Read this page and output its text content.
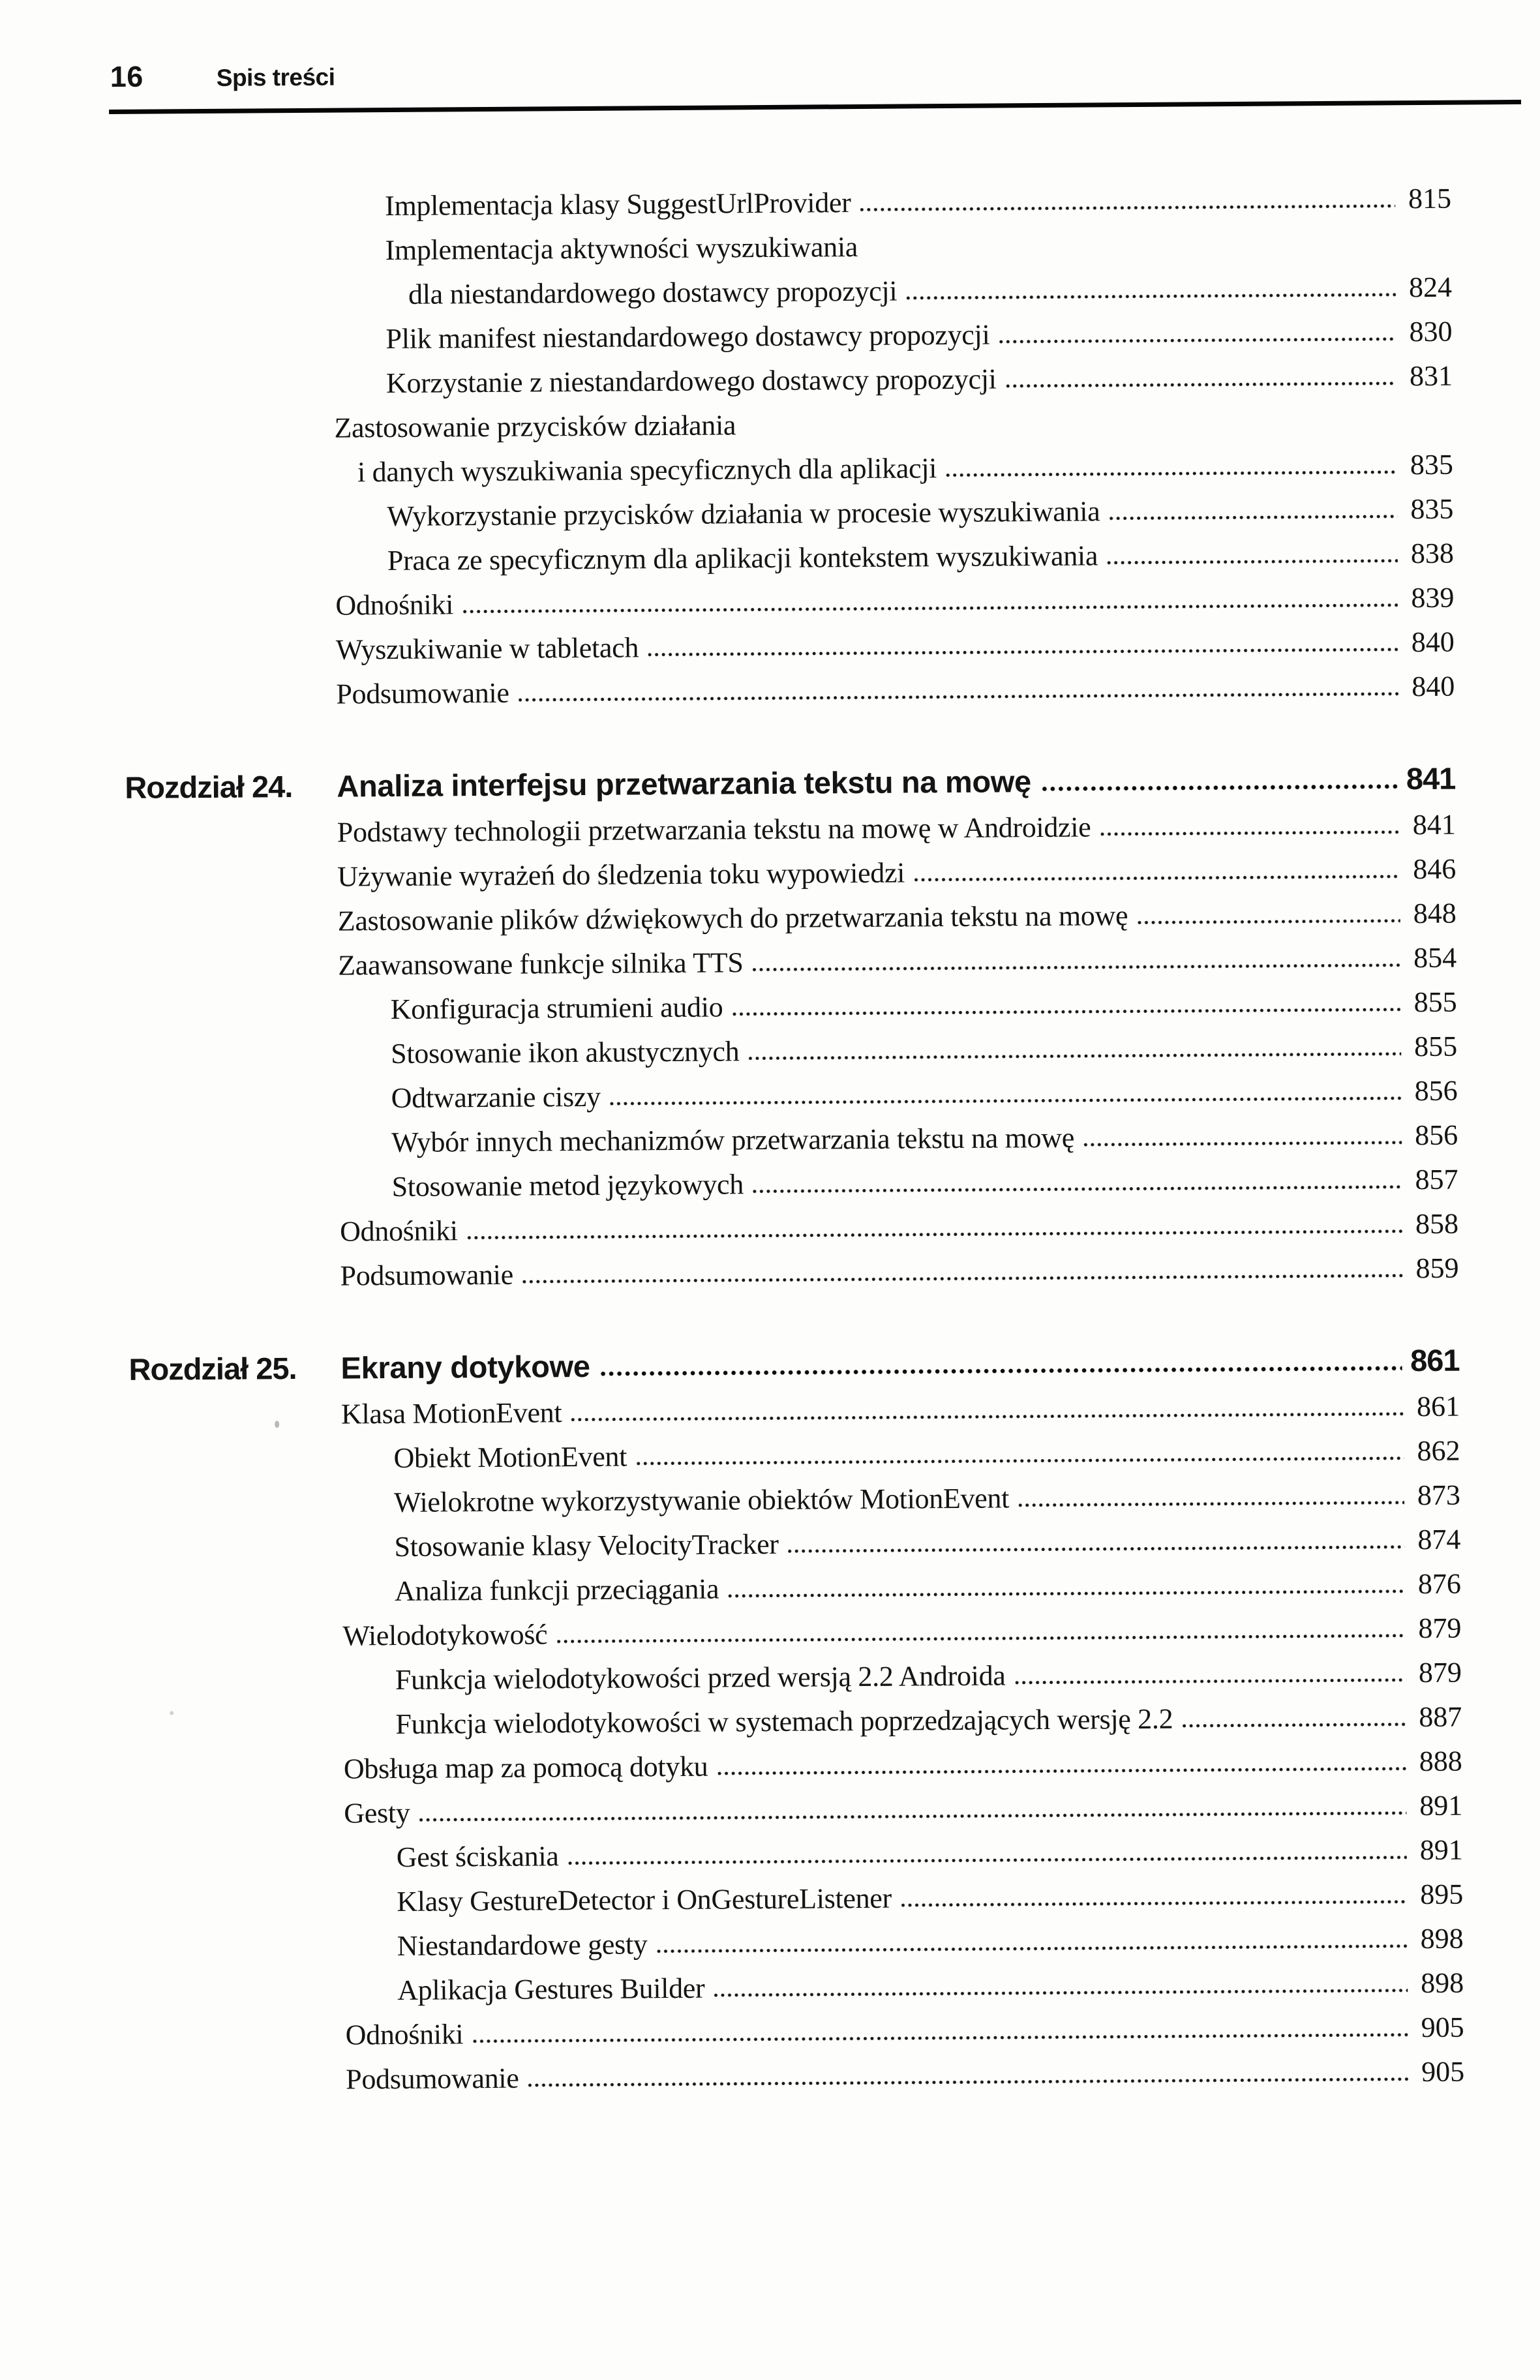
16	Spis treści
Implementacja klasy SuggestUrlProvider	815
Implementacja aktywności wyszukiwania
dla niestandardowego dostawcy propozycji	824
Plik manifest niestandardowego dostawcy propozycji	830
Korzystanie z niestandardowego dostawcy propozycji	831
Zastosowanie przycisków działania
i danych wyszukiwania specyficznych dla aplikacji	835
Wykorzystanie przycisków działania w procesie wyszukiwania	835
Praca ze specyficznym dla aplikacji kontekstem wyszukiwania	838
Odnośniki	839
Wyszukiwanie w tabletach	840
Podsumowanie	840
Rozdział 24.	Analiza interfejsu przetwarzania tekstu na mowę	841
Podstawy technologii przetwarzania tekstu na mowę w Androidzie	841
Używanie wyrażeń do śledzenia toku wypowiedzi	846
Zastosowanie plików dźwiękowych do przetwarzania tekstu na mowę	848
Zaawansowane funkcje silnika TTS	854
Konfiguracja strumieni audio	855
Stosowanie ikon akustycznych	855
Odtwarzanie ciszy	856
Wybór innych mechanizmów przetwarzania tekstu na mowę	856
Stosowanie metod językowych	857
Odnośniki	858
Podsumowanie	859
Rozdział 25.	Ekrany dotykowe	861
Klasa MotionEvent	861
Obiekt MotionEvent	862
Wielokrotne wykorzystywanie obiektów MotionEvent	873
Stosowanie klasy VelocityTracker	874
Analiza funkcji przeciągania	876
Wielodotykowość	879
Funkcja wielodotykowości przed wersją 2.2 Androida	879
Funkcja wielodotykowości w systemach poprzedzających wersję 2.2	887
Obsługa map za pomocą dotyku	888
Gesty	891
Gest ściskania	891
Klasy GestureDetector i OnGestureListener	895
Niestandardowe gesty	898
Aplikacja Gestures Builder	898
Odnośniki	905
Podsumowanie	905
